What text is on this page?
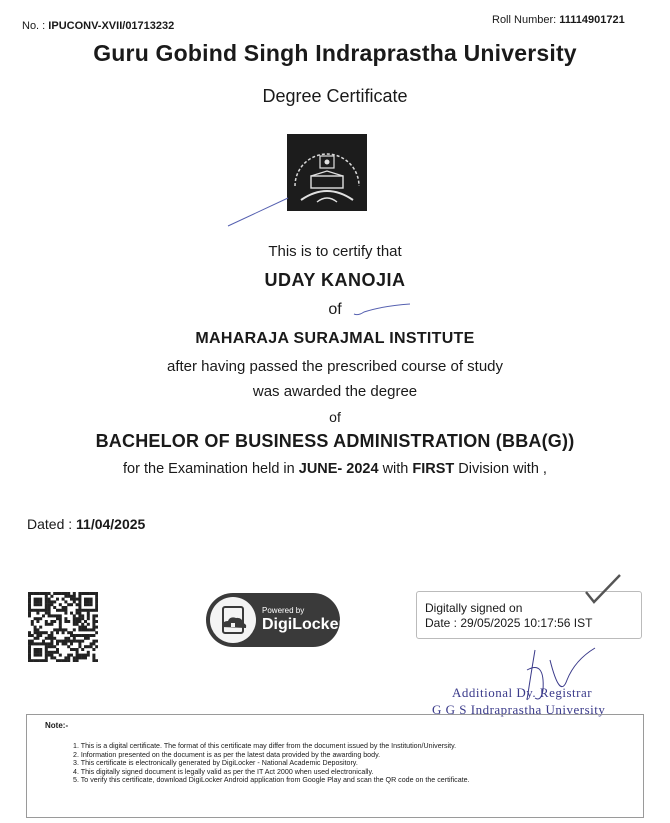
No. : IPUCONV-XVII/01713232	Roll Number: 11114901721
Guru Gobind Singh Indraprastha University
Degree Certificate
This is to certify that
UDAY KANOJIA
of
MAHARAJA SURAJMAL INSTITUTE
after having passed the prescribed course of study
was awarded the degree
of
BACHELOR OF BUSINESS ADMINISTRATION (BBA(G))
for the Examination held in JUNE- 2024 with FIRST Division with ,
Dated : 11/04/2025
Powered by
DigiLocker
Digitally signed on
Date : 29/05/2025 10:17:56 IST
Additional Dy. Registrar
G G S Indraprastha University
Note:-
1. This is a digital certificate. The format of this certificate may differ from the document issued by the Institution/University.
2. Information presented on the document is as per the latest data provided by the awarding body.
3. This certificate is electronically generated by DigiLocker - National Academic Depository.
4. This digitally signed document is legally valid as per the IT Act 2000 when used electronically.
5. To verify this certificate, download DigiLocker Android application from Google Play and scan the QR code on the certificate.
